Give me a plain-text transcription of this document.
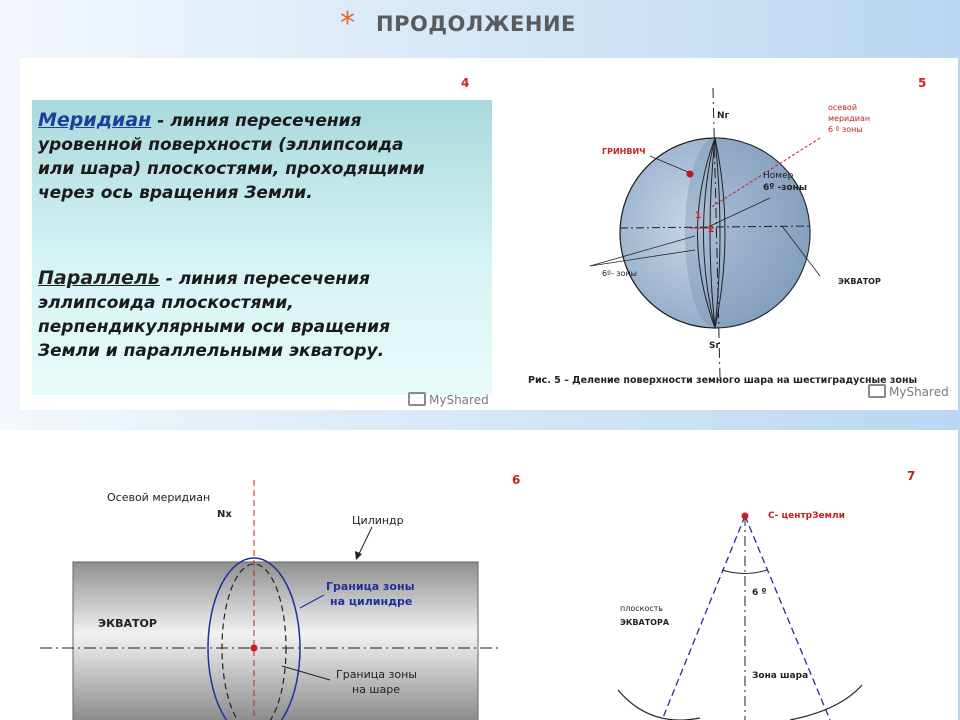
* ПРОДОЛЖЕНИЕ
4
Меридиан - линия пересечения
уровенной поверхности (эллипсоида
или шара) плоскостями, проходящими
через ось вращения Земли.
Параллель - линия пересечения
эллипсоида плоскостями,
перпендикулярными оси вращения
Земли и параллельными экватору.
MyShared
5
Nг
Sг
ГРИНВИЧ
осевой
меридиан
6 º зоны
Номер
6º -зоны
1
2
6º- зоны
ЭКВАТОР
Рис. 5 – Деление поверхности земного шара на шестиградусные зоны
MyShared
6
Осевой меридиан
Nx	Цилиндр
Граница зоны
на цилиндре
ЭКВАТОР
Граница зоны
на шаре
7
С- центрЗемли
6 º
плоскость
ЭКВАТОРА
Зона шара
